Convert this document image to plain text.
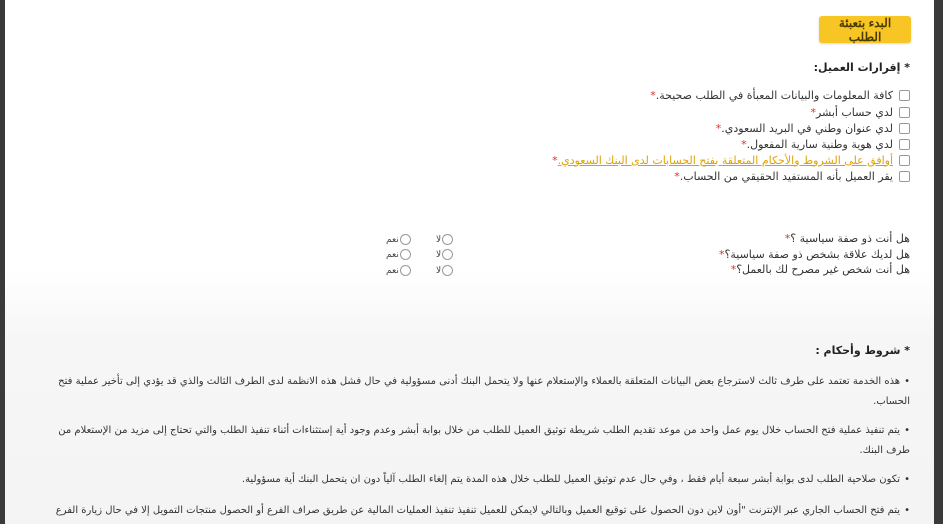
البدء بتعبئة الطلب
* إقرارات العميل:
كافة المعلومات والبيانات المعبأة في الطلب صحيحة.
*
لدي حساب أبشر
*
لدي عنوان وطني في البريد السعودي.
*
لدي هوية وطنية سارية المفعول.
*
أوافق على الشروط والأحكام المتعلقة بفتح الحسابات لدى البنك السعودي.
*
يقر العميل بأنه المستفيد الحقيقي من الحساب.
*
هل أنت ذو صفة سياسية ؟*
هل لديك علاقة بشخص ذو صفة سياسية؟*
هل أنت شخص غير مصرح لك بالعمل؟*
لا
لا
لا
نعم
نعم
نعم
* شروط وأحكام :
•هذه الخدمة تعتمد على طرف ثالث لاسترجاع بعض البيانات المتعلقة بالعملاء والإستعلام عنها ولا يتحمل البنك أدنى مسؤولية في حال فشل هذه الانظمة لدى الطرف الثالث والذي قد يؤدي إلى تأخير عملية فتح الحساب.
•يتم تنفيذ عملية فتح الحساب خلال يوم عمل واحد من موعد تقديم الطلب شريطة توثيق العميل للطلب من خلال بوابة أبشر وعدم وجود أية إستثناءات أثناء تنفيذ الطلب والتي تحتاج إلى مزيد من الإستعلام من طرف البنك.
•تكون صلاحية الطلب لدى بوابة أبشر سبعة أيام فقط ، وفي حال عدم توثيق العميل للطلب خلال هذه المدة يتم إلغاء الطلب آلياً دون ان يتحمل البنك أية مسؤولية.
•يتم فتح الحساب الجاري عبر الإنترنت "أون لاين دون الحصول على توقيع العميل وبالتالي لايمكن للعميل تنفيذ تنفيذ العمليات المالية عن طريق صراف الفرع أو الحصول منتجات التمويل إلا في حال زيارة الفرع
